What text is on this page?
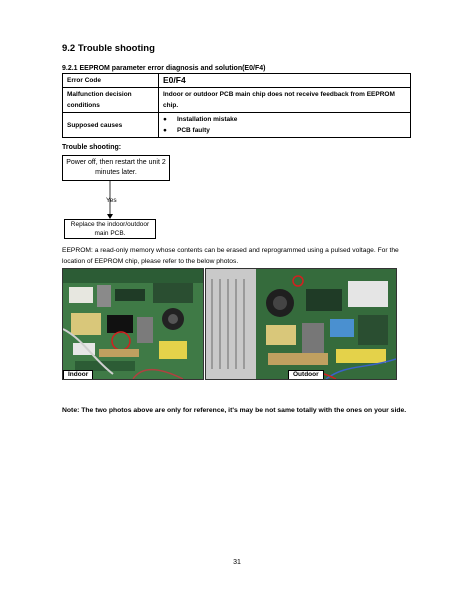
9.2 Trouble shooting
9.2.1 EEPROM parameter error diagnosis and solution(E0/F4)
Error Code	E0/F4
Malfunction decision conditions	Indoor or outdoor PCB main chip does not receive feedback from EEPROM chip.
Supposed causes	● Installation mistake
● PCB faulty
Trouble shooting:
Power off, then restart the unit 2 minutes later.
Yes
Replace the indoor/outdoor main PCB.
EEPROM: a read-only memory whose contents can be erased and reprogrammed using a pulsed voltage. For the location of EEPROM chip, please refer to the below photos.
Indoor	Outdoor
Note: The two photos above are only for reference, it's may be not same totally with the ones on your side.
31
